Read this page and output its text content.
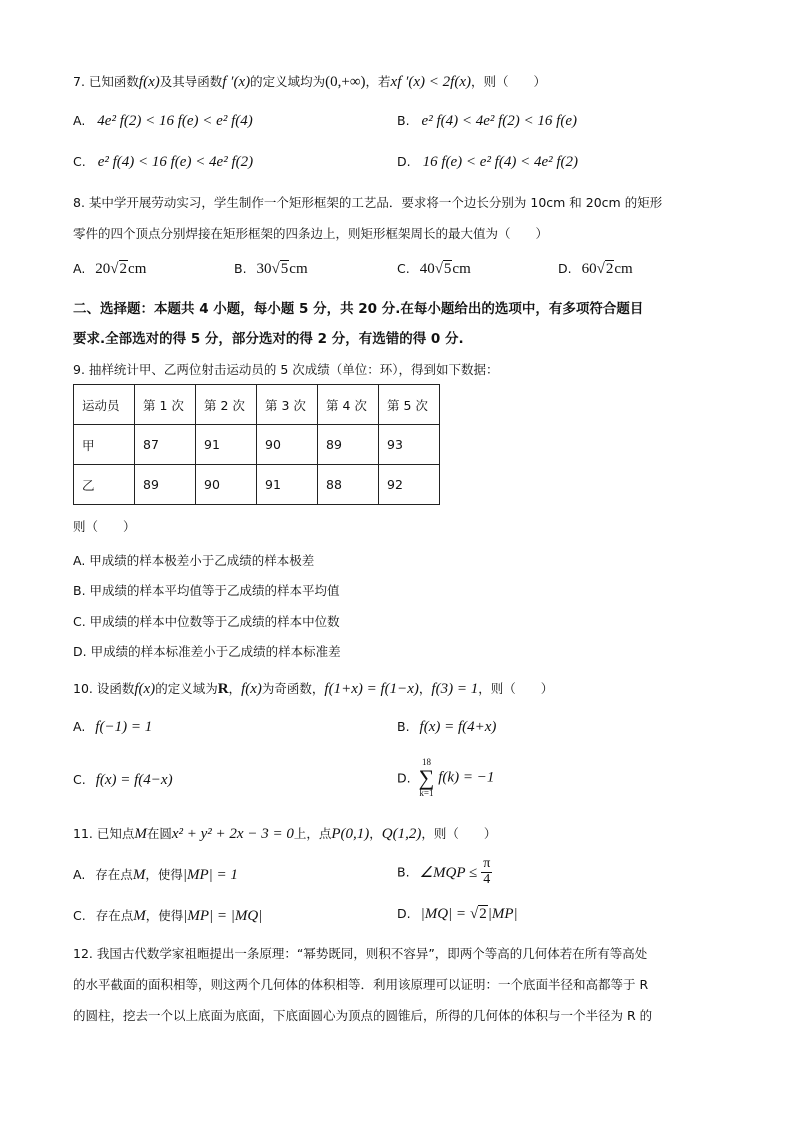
7. 已知函数f(x)及其导函数f ′(x)的定义域均为(0,+∞)，若xf ′(x) < 2f(x)，则（　　）
A. 4e² f(2) < 16 f(e) < e² f(4)	B. e² f(4) < 4e² f(2) < 16 f(e)
C. e² f(4) < 16 f(e) < 4e² f(2)	D. 16 f(e) < e² f(4) < 4e² f(2)
8. 某中学开展劳动实习，学生制作一个矩形框架的工艺品．要求将一个边长分别为 10cm 和 20cm 的矩形
零件的四个顶点分别焊接在矩形框架的四条边上，则矩形框架周长的最大值为（　　）
A. 20√2cm	B. 30√5cm	C. 40√5cm	D. 60√2cm
二、选择题：本题共 4 小题，每小题 5 分，共 20 分.在每小题给出的选项中，有多项符合题目
要求.全部选对的得 5 分，部分选对的得 2 分，有选错的得 0 分.
9. 抽样统计甲、乙两位射击运动员的 5 次成绩（单位：环），得到如下数据：
运动员	第 1 次	第 2 次	第 3 次	第 4 次	第 5 次
甲	87	91	90	89	93
乙	89	90	91	88	92
则（　　）
A. 甲成绩的样本极差小于乙成绩的样本极差
B. 甲成绩的样本平均值等于乙成绩的样本平均值
C. 甲成绩的样本中位数等于乙成绩的样本中位数
D. 甲成绩的样本标准差小于乙成绩的样本标准差
10. 设函数f(x)的定义域为R，f(x)为奇函数，f(1+x) = f(1−x)，f(3) = 1，则（　　）
A. f(−1) = 1	B. f(x) = f(4+x)
C. f(x) = f(4−x)	D.
18
∑
k=1
f(k) = −1
11. 已知点M在圆x² + y² + 2x − 3 = 0上，点P(0,1)，Q(1,2)，则（　　）
A. 存在点M，使得|MP| = 1	B. ∠MQP ≤ $\frac{\pi}{4}$
C. 存在点M，使得|MP| = |MQ|	D. |MQ| = √2|MP|
12. 我国古代数学家祖暅提出一条原理：“幂势既同，则积不容异”，即两个等高的几何体若在所有等高处
的水平截面的面积相等，则这两个几何体的体积相等．利用该原理可以证明：一个底面半径和高都等于 R
的圆柱，挖去一个以上底面为底面，下底面圆心为顶点的圆锥后，所得的几何体的体积与一个半径为 R 的
